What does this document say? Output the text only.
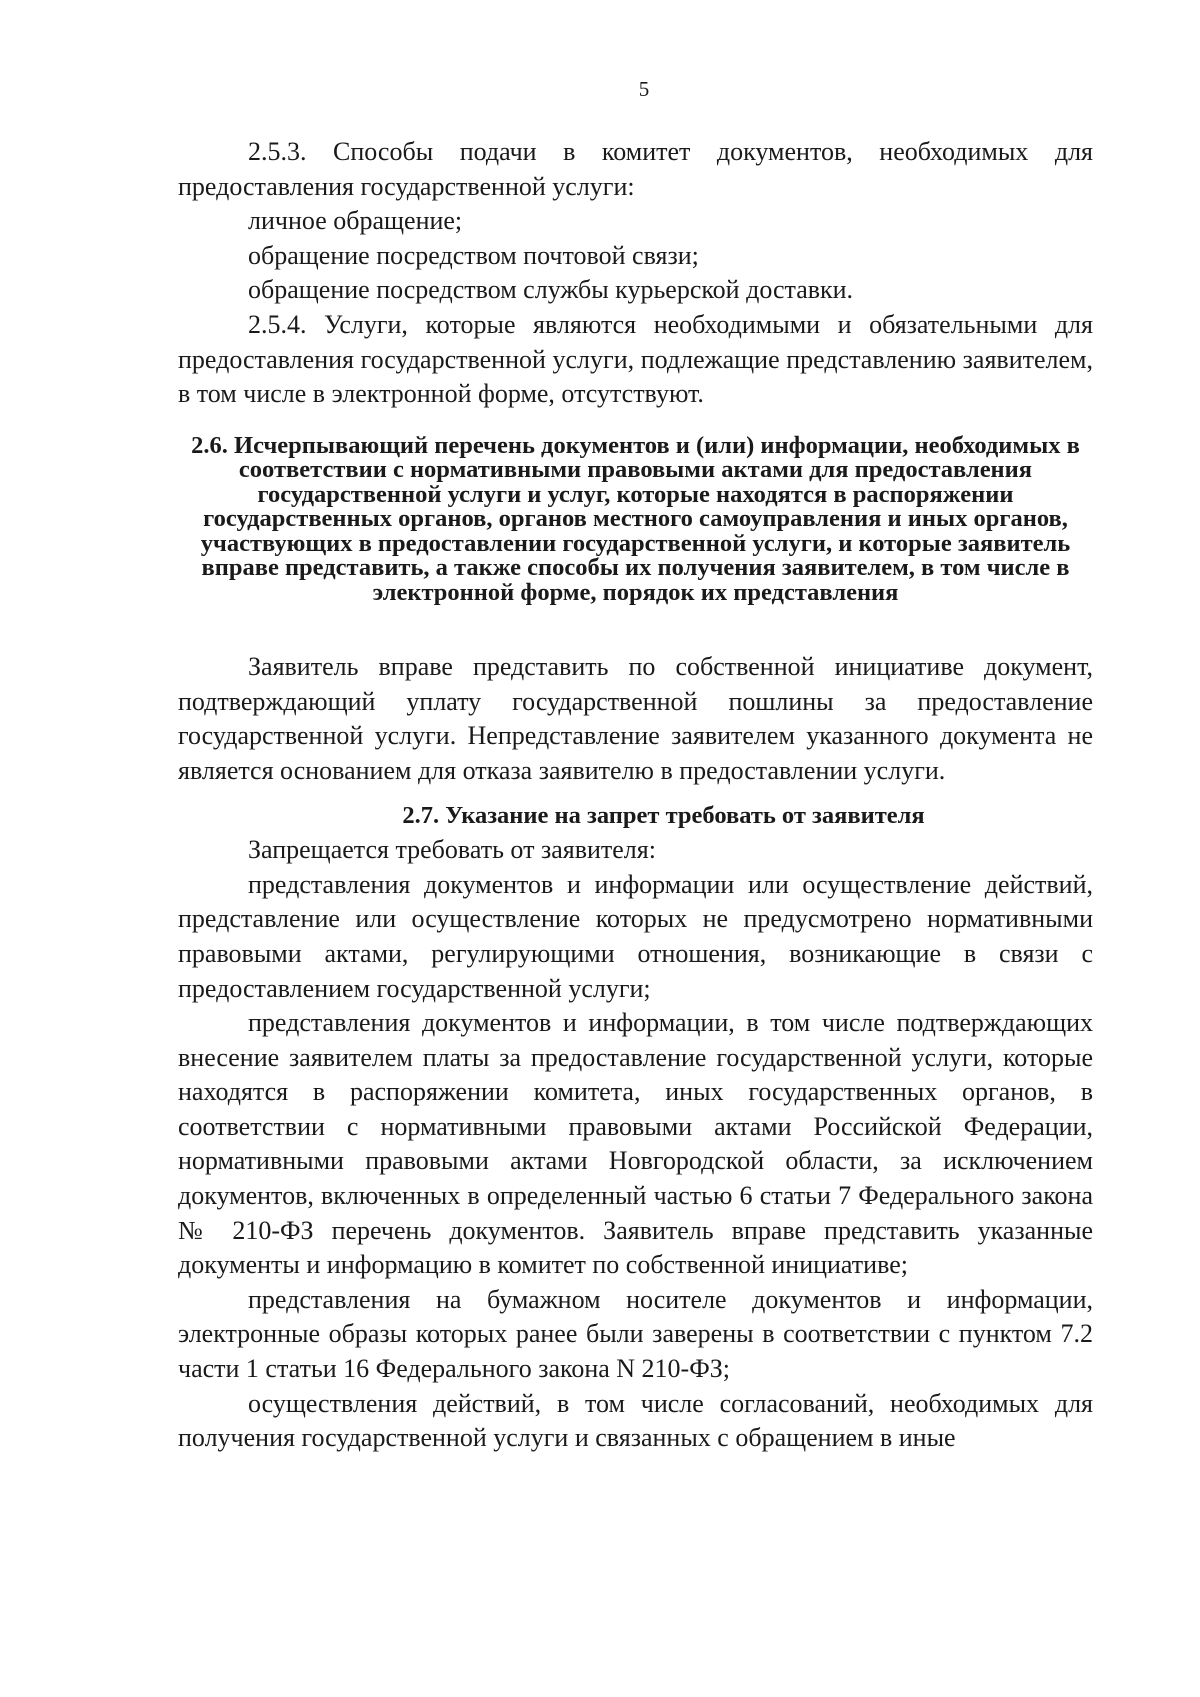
5

2.5.3. Способы подачи в комитет документов, необходимых для предоставления государственной услуги:

личное обращение;

обращение посредством почтовой связи;

обращение посредством службы курьерской доставки.

2.5.4. Услуги, которые являются необходимыми и обязательными для предоставления государственной услуги, подлежащие представлению заявителем, в том числе в электронной форме, отсутствуют.

2.6. Исчерпывающий перечень документов и (или) информации, необходимых в соответствии с нормативными правовыми актами для предоставления государственной услуги и услуг, которые находятся в распоряжении государственных органов, органов местного самоуправления и иных органов, участвующих в предоставлении государственной услуги, и которые заявитель вправе представить, а также способы их получения заявителем, в том числе в электронной форме, порядок их представления

Заявитель вправе представить по собственной инициативе документ, подтверждающий уплату государственной пошлины за предоставление государственной услуги. Непредставление заявителем указанного документа не является основанием для отказа заявителю в предоставлении услуги.

2.7. Указание на запрет требовать от заявителя

Запрещается требовать от заявителя:

представления документов и информации или осуществление действий, представление или осуществление которых не предусмотрено нормативными правовыми актами, регулирующими отношения, возникающие в связи с предоставлением государственной услуги;

представления документов и информации, в том числе подтверждающих внесение заявителем платы за предоставление государственной услуги, которые находятся в распоряжении комитета, иных государственных органов, в соответствии с нормативными правовыми актами Российской Федерации, нормативными правовыми актами Новгородской области, за исключением документов, включенных в определенный частью 6 статьи 7 Федерального закона № 210-ФЗ перечень документов. Заявитель вправе представить указанные документы и информацию в комитет по собственной инициативе;

представления на бумажном носителе документов и информации, электронные образы которых ранее были заверены в соответствии с пунктом 7.2 части 1 статьи 16 Федерального закона N 210-ФЗ;

осуществления действий, в том числе согласований, необходимых для получения государственной услуги и связанных с обращением в иные
